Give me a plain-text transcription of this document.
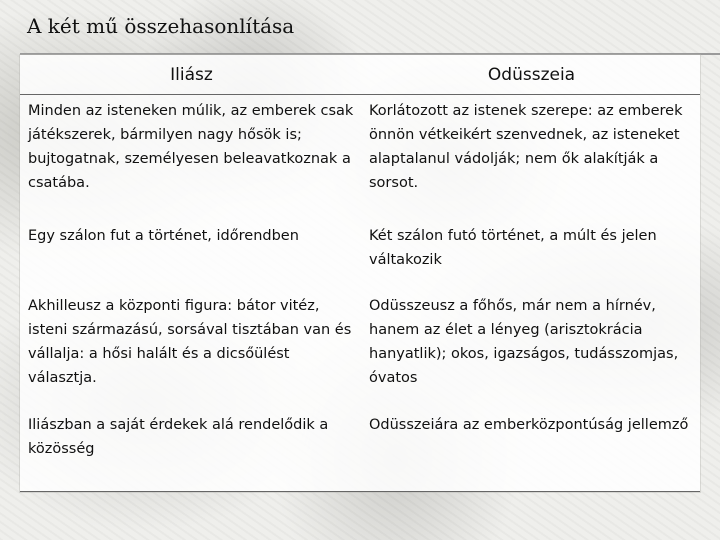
A két mű összehasonlítása
Iliász	Odüsszeia
Minden az isteneken múlik, az emberek csak játékszerek, bármilyen nagy hősök is; bujtogatnak, személyesen beleavatkoznak a csatába.	Korlátozott az istenek szerepe: az emberek önnön vétkeikért szenvednek, az isteneket alaptalanul vádolják; nem ők alakítják a sorsot.
Egy szálon fut a történet, időrendben	Két szálon futó történet, a múlt és jelen váltakozik
Akhilleusz a központi figura: bátor vitéz, isteni származású, sorsával tisztában van és vállalja: a hősi halált és a dicsőülést választja.	Odüsszeusz a főhős, már nem a hírnév, hanem az élet a lényeg (arisztokrácia hanyatlik); okos, igazságos, tudásszomjas, óvatos
Iliászban a saját érdekek alá rendelődik a közösség	Odüsszeiára az emberközpontúság jellemző
